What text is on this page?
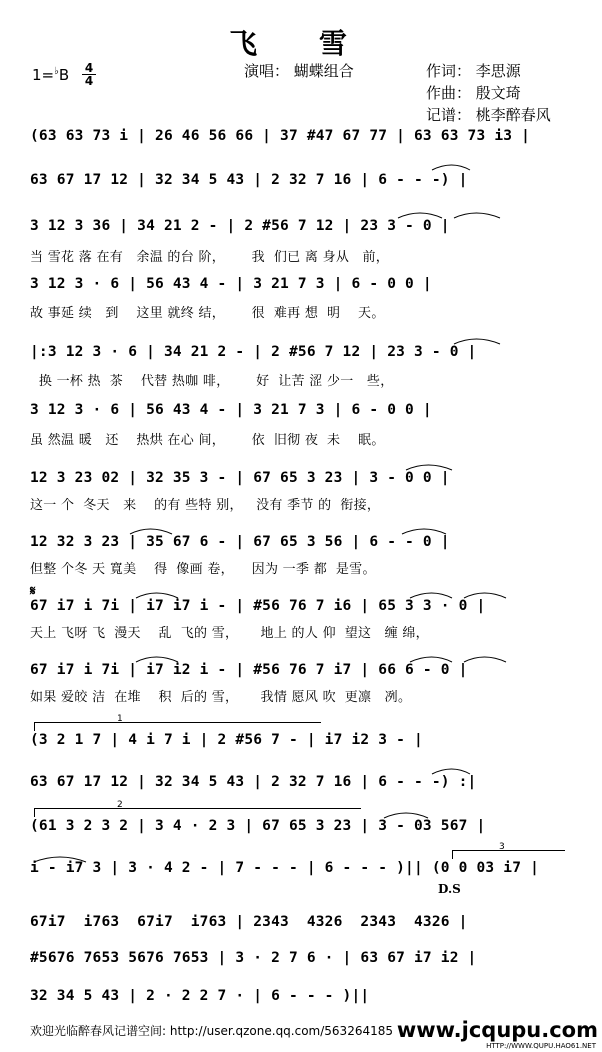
飞 雪
1=♭B 4
4
演唱： 蝴蝶组合	作词： 李思源
作曲： 殷文琦
记谱： 桃李醉春风
(63 63 73 i | 26 46 56 66 | 37 #47 67 77 | 63 63 73 i3 |
63 67 17 12 | 32 34 5 43 | 2 32 7 16 | 6 - - -) |
3 12 3 36 | 34 21 2 - | 2 #56 7 12 | 23 3 - 0 |
当 雪花 落 在有   余温 的台 阶，      我  们已 离 身从   前，
3 12 3 · 6 | 56 43 4 - | 3 21 7 3 | 6 - 0 0 |
故 事延 续   到    这里 就终 结，      很  难再 想  明    天。
|:3 12 3 · 6 | 34 21 2 - | 2 #56 7 12 | 23 3 - 0 |
换 一杯 热  茶    代替 热咖 啡，      好  让苦 涩 少一   些，
3 12 3 · 6 | 56 43 4 - | 3 21 7 3 | 6 - 0 0 |
虽 然温 暖   还    热烘 在心 间，      依  旧彻 夜  未    眠。
12 3 23 02 | 32 35 3 - | 67 65 3 23 | 3 - 0 0 |
这一 个  冬天   来    的有 些特 别，   没有 季节 的  衔接，
12 32 3 23 | 35 67 6 - | 67 65 3 56 | 6 - - 0 |
但整 个冬 天 寬美    得  像画 卷，    因为 一季 都  是雪。
𝄋
67 i7 i 7i | i7 i7 i - | #56 76 7 i6 | 65 3 3 · 0 |
天上 飞呀 飞  漫天    乱  飞的 雪，     地上 的人 仰  望这   缠 绵，
67 i7 i 7i | i7 i2 i - | #56 76 7 i7 | 66 6 - 0 |
如果 爱皎 洁  在堆    积  后的 雪，     我情 愿风 吹  更凛   冽。
1
(3 2 1 7 | 4 i 7 i | 2 #56 7 - | i7 i2 3 - |
63 67 17 12 | 32 34 5 43 | 2 32 7 16 | 6 - - -) :|
2
(61 3 2 3 2 | 3 4 · 2 3 | 67 65 3 23 | 3 - 03 567 |
3
i - i7 3 | 3 · 4 2 - | 7 - - - | 6 - - - )|| (0 0 03 i7 |
D.S
67i7  i763  67i7  i763 | 2343  4326  2343  4326 |
#5676 7653 5676 7653 | 3 · 2 7 6 · | 63 67 i7 i2 |
32 34 5 43 | 2 · 2 2 7 · | 6 - - - )||
欢迎光临醉春风记谱空间: http://user.qzone.qq.com/563264185 www.jcqupu.com
HTTP://WWW.QUPU.HAO61.NET
